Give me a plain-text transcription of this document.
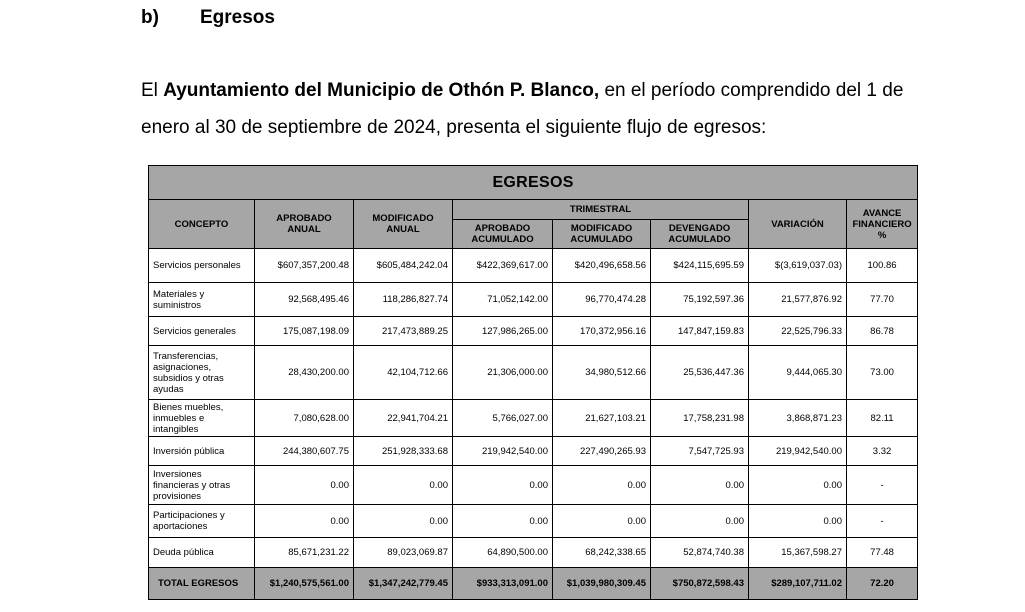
b) Egresos
El Ayuntamiento del Municipio de Othón P. Blanco, en el período comprendido del 1 de enero al 30 de septiembre de 2024, presenta el siguiente flujo de egresos:
EGRESOS							
CONCEPTO	APROBADO ANUAL	MODIFICADO ANUAL	TRIMESTRAL			VARIACIÓN	AVANCE FINANCIERO %
			APROBADO ACUMULADO	MODIFICADO ACUMULADO	DEVENGADO ACUMULADO		
Servicios personales	$607,357,200.48	$605,484,242.04	$422,369,617.00	$420,496,658.56	$424,115,695.59	$(3,619,037.03)	100.86
Materiales y suministros	92,568,495.46	118,286,827.74	71,052,142.00	96,770,474.28	75,192,597.36	21,577,876.92	77.70
Servicios generales	175,087,198.09	217,473,889.25	127,986,265.00	170,372,956.16	147,847,159.83	22,525,796.33	86.78
Transferencias, asignaciones, subsidios y otras ayudas	28,430,200.00	42,104,712.66	21,306,000.00	34,980,512.66	25,536,447.36	9,444,065.30	73.00
Bienes muebles, inmuebles e intangibles	7,080,628.00	22,941,704.21	5,766,027.00	21,627,103.21	17,758,231.98	3,868,871.23	82.11
Inversión pública	244,380,607.75	251,928,333.68	219,942,540.00	227,490,265.93	7,547,725.93	219,942,540.00	3.32
Inversiones financieras y otras provisiones	0.00	0.00	0.00	0.00	0.00	0.00	-
Participaciones y aportaciones	0.00	0.00	0.00	0.00	0.00	0.00	-
Deuda pública	85,671,231.22	89,023,069.87	64,890,500.00	68,242,338.65	52,874,740.38	15,367,598.27	77.48
TOTAL EGRESOS	$1,240,575,561.00	$1,347,242,779.45	$933,313,091.00	$1,039,980,309.45	$750,872,598.43	$289,107,711.02	72.20
